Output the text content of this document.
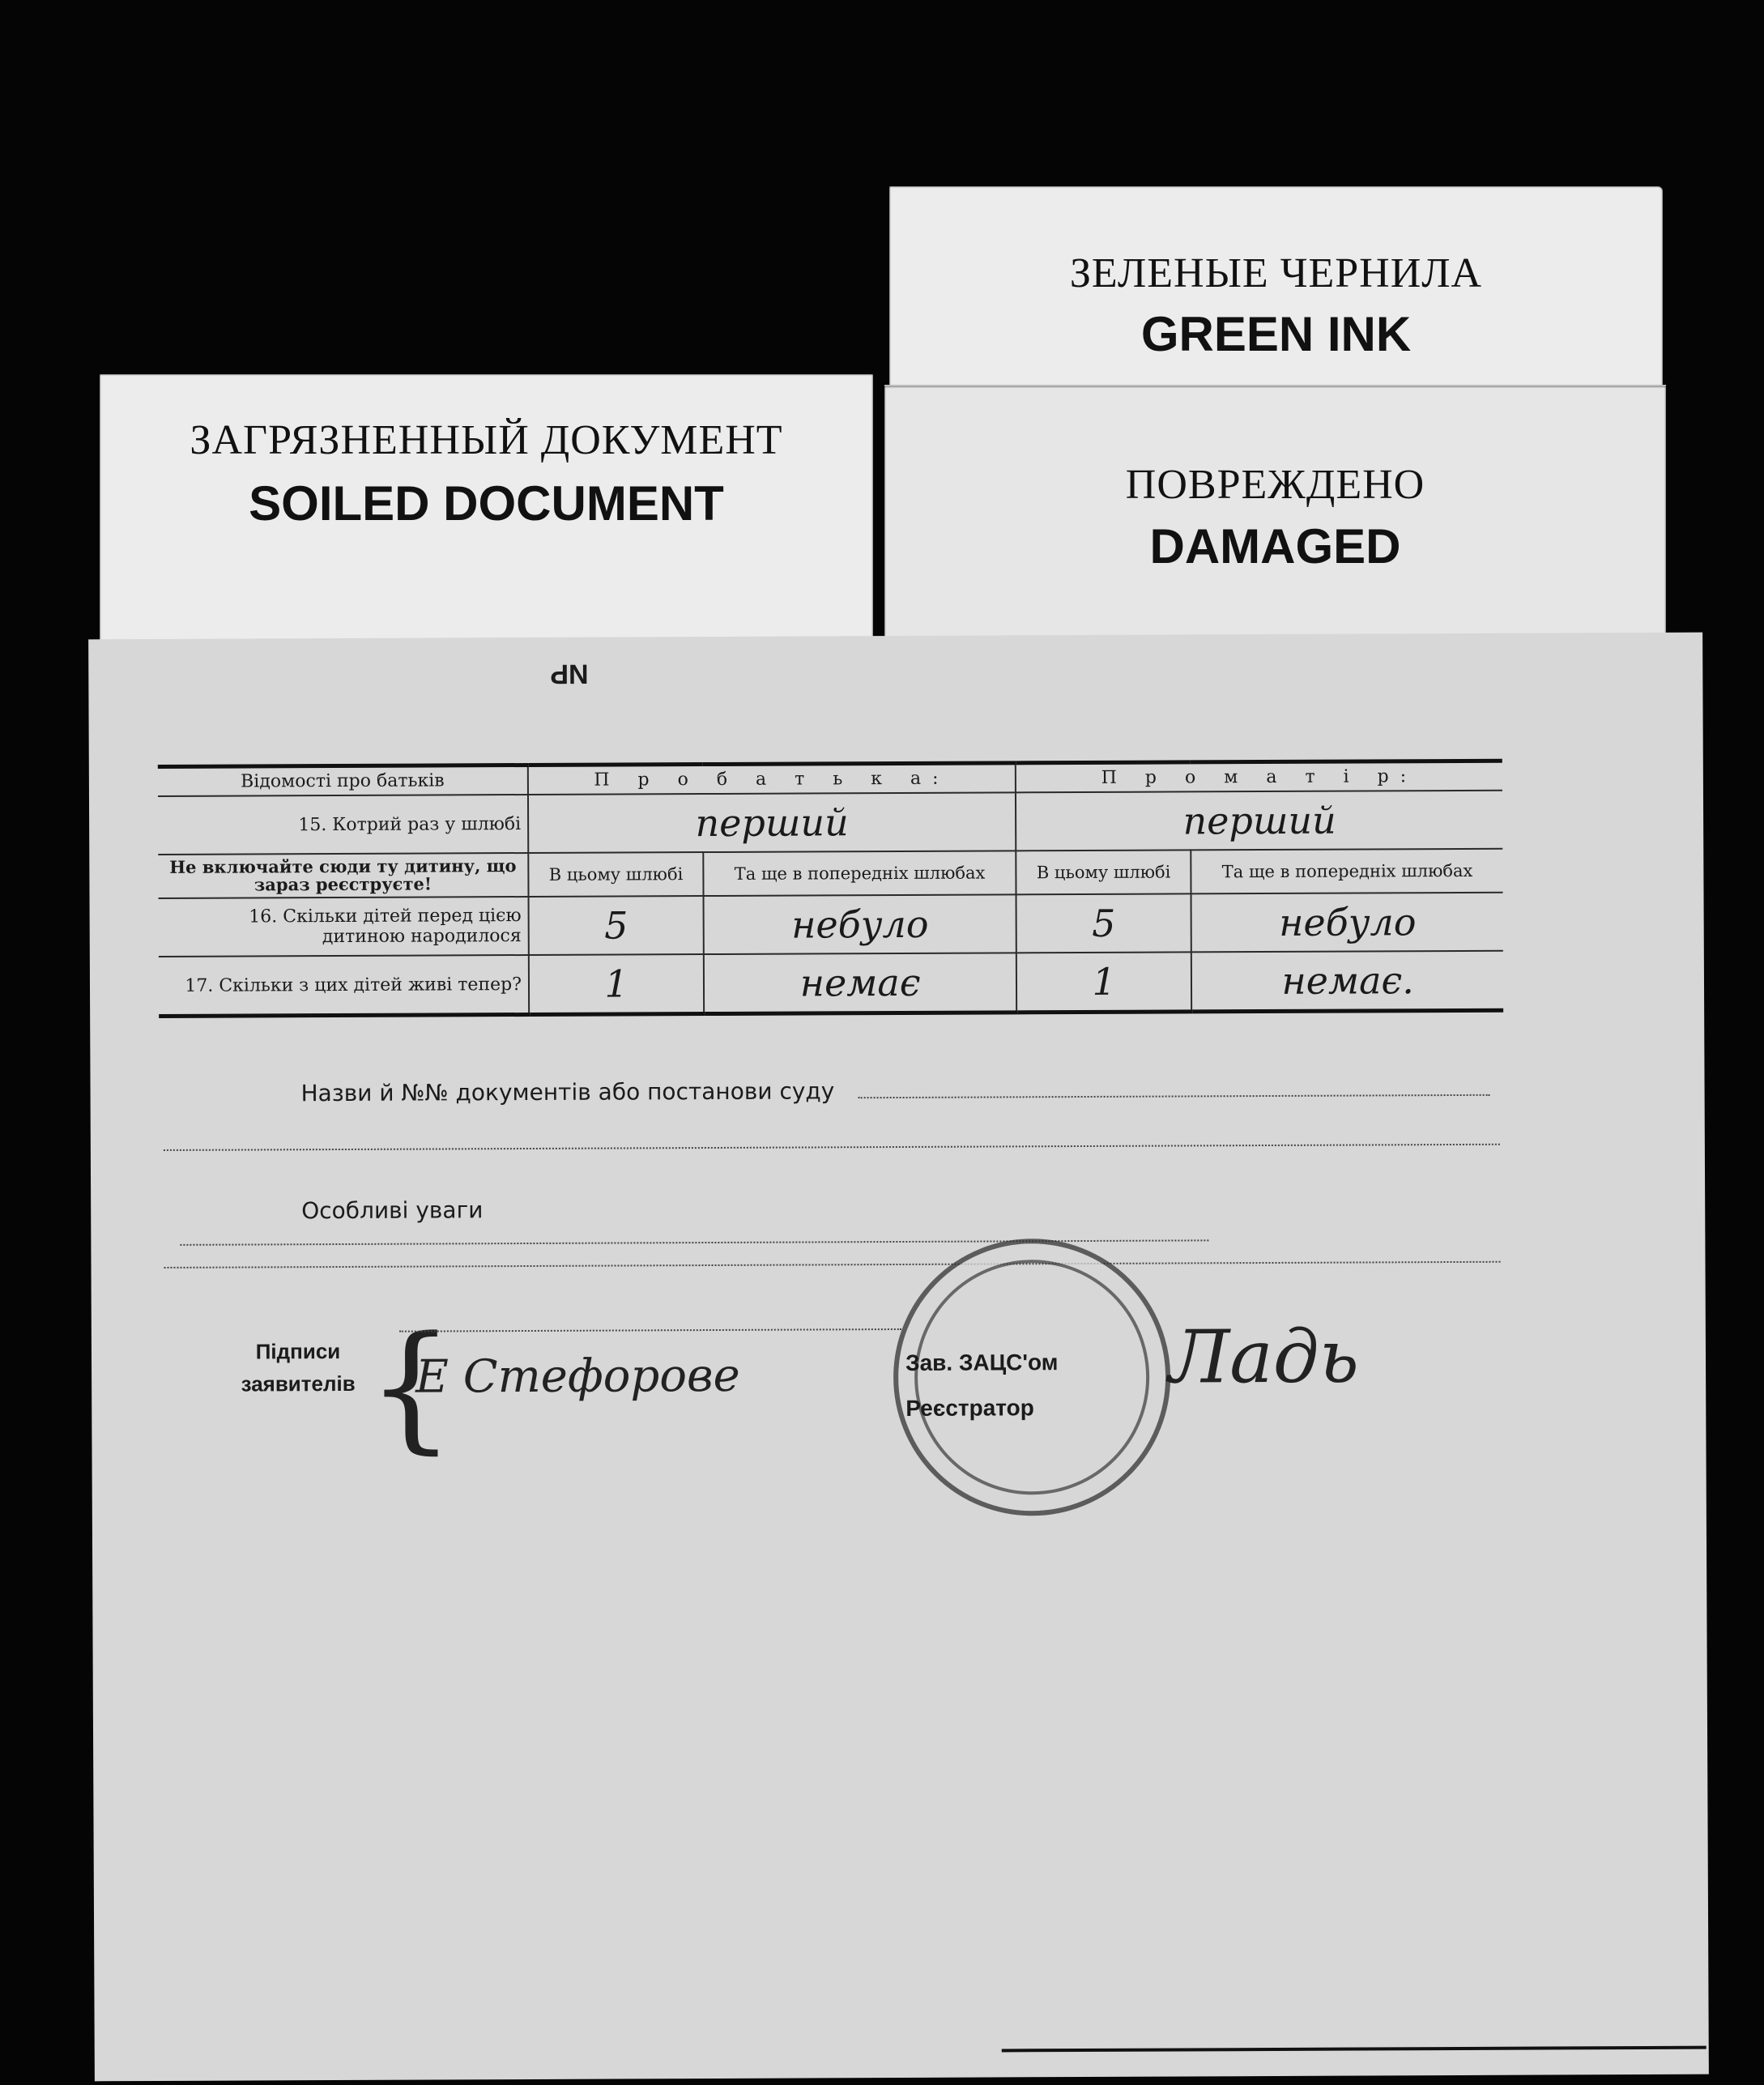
ЗАГРЯЗНЕННЫЙ ДОКУМЕНТ
SOILED DOCUMENT
ЗЕЛЕНЫЕ ЧЕРНИЛА
GREEN INK
ПОВРЕЖДЕНО
DAMAGED
NP
Відомості про батьків	П р о б а т ь к а:		П р о м а т і р:	
15. Котрий раз у шлюбі	перший		перший	
Не включайте сюди ту дитину, що зараз реєструєте!	В цьому шлюбі	Та ще в попередніх шлюбах	В цьому шлюбі	Та ще в попередніх шлюбах
16. Скільки дітей перед цією дитиною народилося	5	небуло	5	небуло
17. Скільки з цих дітей живі тепер?	1	немає	1	немає.
Назви й №№ документів або постанови суду
Особливі уваги
Підписи заявителів {
Е Стефорове	Зав. ЗАЦС'ом
Реєстратор
Ладь
